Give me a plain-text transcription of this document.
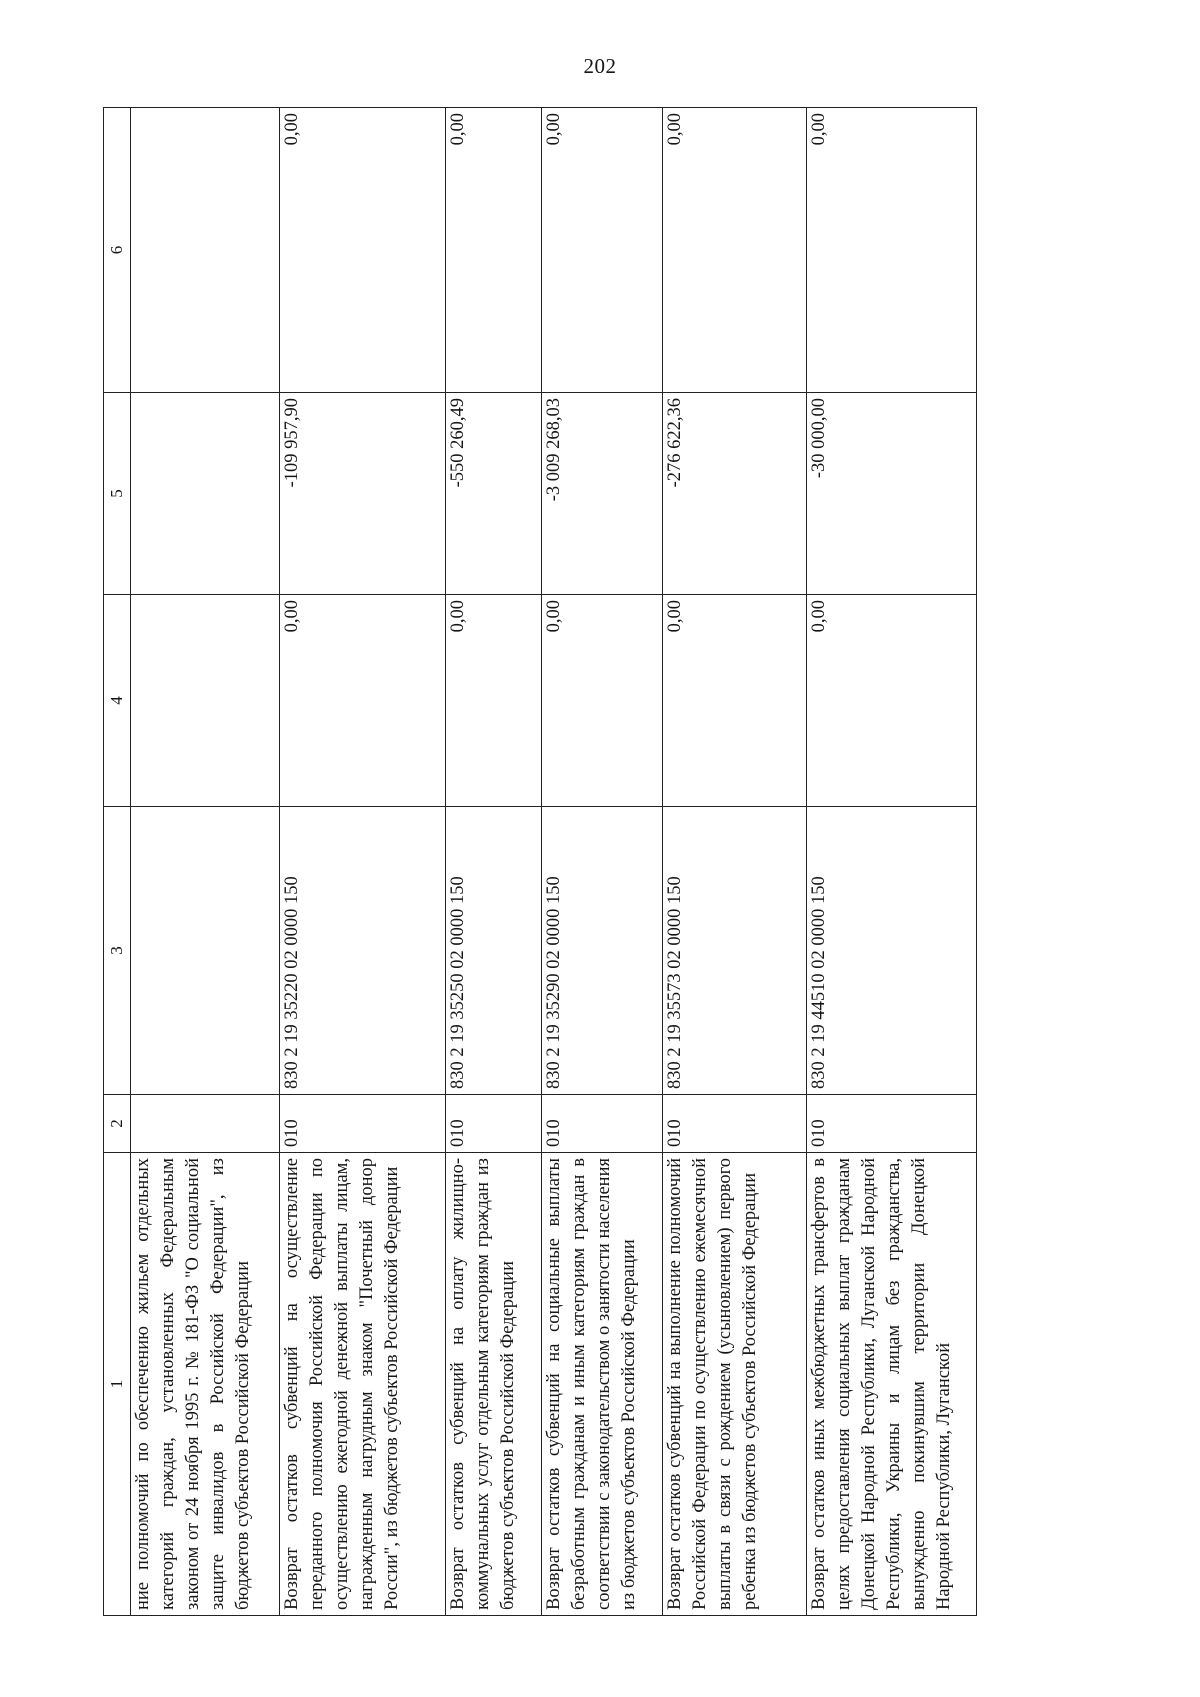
202
1	2	3	4	5	6
ние полномочий по обеспечению жильем отдельных категорий граждан, установленных Федеральным законом от 24 ноября 1995 г. № 181-ФЗ "О социальной защите инвалидов в Российской Федерации", из бюджетов субъектов Российской Федерации					
Возврат остатков субвенций на осуществление переданного полномочия Российской Федерации по осуществлению ежегодной денежной выплаты лицам, награжденным нагрудным знаком "Почетный донор России", из бюджетов субъектов Российской Федерации	010	830 2 19 35220 02 0000 150	0,00	-109 957,90	0,00
Возврат остатков субвенций на оплату жилищно-коммунальных услуг отдельным категориям граждан из бюджетов субъектов Российской Федерации	010	830 2 19 35250 02 0000 150	0,00	-550 260,49	0,00
Возврат остатков субвенций на социальные выплаты безработным гражданам и иным категориям граждан в соответствии с законодательством о занятости населения из бюджетов субъектов Российской Федерации	010	830 2 19 35290 02 0000 150	0,00	-3 009 268,03	0,00
Возврат остатков субвенций на выполнение полномочий Российской Федерации по осуществлению ежемесячной выплаты в связи с рождением (усыновлением) первого ребенка из бюджетов субъектов Российской Федерации	010	830 2 19 35573 02 0000 150	0,00	-276 622,36	0,00
Возврат остатков иных межбюджетных трансфертов в целях предоставления социальных выплат гражданам Донецкой Народной Республики, Луганской Народной Республики, Украины и лицам без гражданства, вынужденно покинувшим территории Донецкой Народной Республики, Луганской	010	830 2 19 44510 02 0000 150	0,00	-30 000,00	0,00
